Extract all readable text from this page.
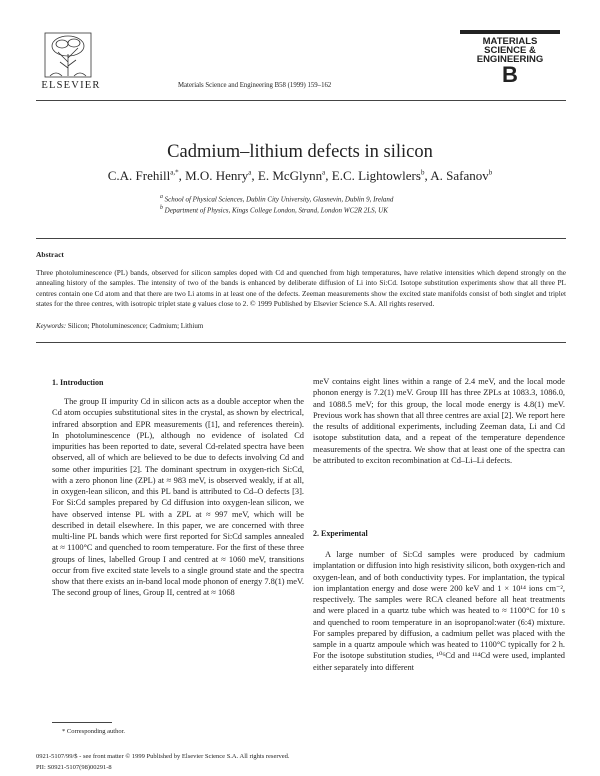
ELSEVIER	Materials Science and Engineering B58 (1999) 159–162
MATERIALS
SCIENCE &
ENGINEERING
B
Cadmium–lithium defects in silicon
C.A. Frehill$^{a,*}$, M.O. Henry$^a$, E. McGlynn$^a$, E.C. Lightowlers$^b$, A. Safanov$^b$
$^a$ School of Physical Sciences, Dublin City University, Glasnevin, Dublin 9, Ireland
$^b$ Department of Physics, Kings College London, Strand, London WC2R 2LS, UK
Abstract
Three photoluminescence (PL) bands, observed for silicon samples doped with Cd and quenched from high temperatures, have relative intensities which depend strongly on the annealing history of the samples. The intensity of two of the bands is enhanced by deliberate diffusion of Li into Si:Cd. Isotope substitution experiments show that all three PL centres contain one Cd atom and that there are two Li atoms in at least one of the defects. Zeeman measurements show the excited state manifolds consist of both singlet and triplet states for the three centres, with isotropic triplet state g values close to 2. © 1999 Published by Elsevier Science S.A. All rights reserved.
Keywords: Silicon; Photoluminescence; Cadmium; Lithium
1. Introduction

The group II impurity Cd in silicon acts as a double acceptor when the Cd atom occupies substitutional sites in the crystal, as shown by electrical, infrared absorption and EPR measurements ([1], and references therein). In photoluminescence (PL), although no evidence of isolated Cd impurities has been reported to date, several Cd-related spectra have been observed, all of which are believed to be due to defects involving Cd and some other impurities [2]. The dominant spectrum in oxygen-rich Si:Cd, with a zero phonon line (ZPL) at ≈ 983 meV, is observed weakly, if at all, in oxygen-lean silicon, and this PL band is attributed to Cd–O defects [3]. For Si:Cd samples prepared by Cd diffusion into oxygen-lean silicon, we have observed intense PL with a ZPL at ≈ 997 meV, which will be described in detail elsewhere. In this paper, we are concerned with three multi-line PL bands which were first reported for Si:Cd samples annealed at ≈ 1100°C and quenched to room temperature. For the first of these three groups of lines, labelled Group I and centred at ≈ 1060 meV, transitions occur from five excited state levels to a single ground state and the spectra show that there exists an in-band local mode phonon of energy 7.8(1) meV. The second group of lines, Group II, centred at ≈ 1068

meV contains eight lines within a range of 2.4 meV, and the local mode phonon energy is 7.2(1) meV. Group III has three ZPLs at 1083.3, 1086.0, and 1088.5 meV; for this group, the local mode energy is 4.8(1) meV. Previous work has shown that all three centres are axial [2]. We report here the results of additional experiments, including Zeeman data, Li and Cd isotope substitution data, and a repeat of the temperature dependence measurements of the spectra. We show that at least one of the spectra can be attributed to exciton recombination at Cd–Li–Li defects.

2. Experimental

A large number of Si:Cd samples were produced by cadmium implantation or diffusion into high resistivity silicon, both oxygen-rich and oxygen-lean, and of both conductivity types. For implantation, the typical ion implantation energy and dose were 200 keV and 1 × 10¹⁴ ions cm⁻², respectively. The samples were RCA cleaned before all heat treatments and were placed in a quartz tube which was heated to ≈ 1100°C for 10 s and quenched to room temperature in an isopropanol:water (6:4) mixture. For samples prepared by diffusion, a cadmium pellet was placed with the sample in a quartz ampoule which was heated to 1100°C typically for 2 h. For the isotope substitution studies, ¹⁰⁶Cd and ¹¹⁴Cd were used, implanted either separately into different

* Corresponding author.
0921-5107/99/$ - see front matter © 1999 Published by Elsevier Science S.A. All rights reserved.
PII: S0921-5107(98)00291-8
